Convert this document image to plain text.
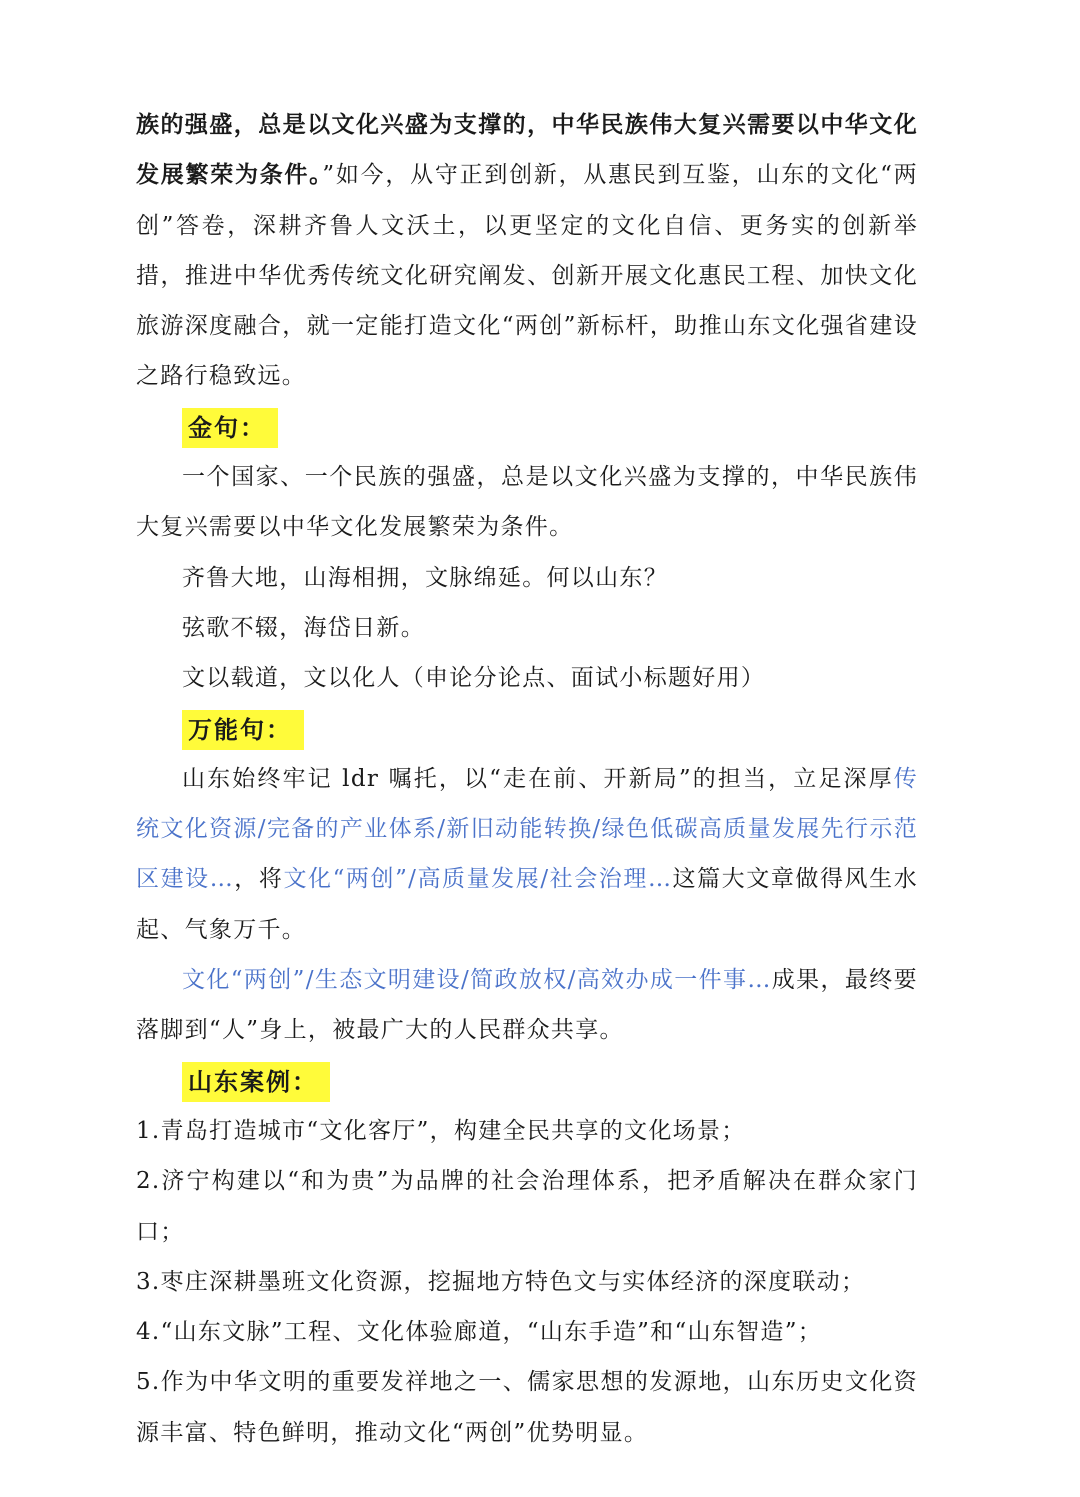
族的强盛，总是以文化兴盛为支撑的，中华民族伟大复兴需要以中华文化发展繁荣为条件。”如今，从守正到创新，从惠民到互鉴，山东的文化“两创”答卷，深耕齐鲁人文沃土，以更坚定的文化自信、更务实的创新举措，推进中华优秀传统文化研究阐发、创新开展文化惠民工程、加快文化旅游深度融合，就一定能打造文化“两创”新标杆，助推山东文化强省建设之路行稳致远。

金句：

一个国家、一个民族的强盛，总是以文化兴盛为支撑的，中华民族伟大复兴需要以中华文化发展繁荣为条件。

齐鲁大地，山海相拥，文脉绵延。何以山东？

弦歌不辍，海岱日新。

文以载道，文以化人（申论分论点、面试小标题好用）

万能句：

山东始终牢记 ldr 嘱托，以“走在前、开新局”的担当，立足深厚传统文化资源/完备的产业体系/新旧动能转换/绿色低碳高质量发展先行示范区建设…，将文化“两创”/高质量发展/社会治理…这篇大文章做得风生水起、气象万千。

文化“两创”/生态文明建设/简政放权/高效办成一件事…成果，最终要落脚到“人”身上，被最广大的人民群众共享。

山东案例：

1.青岛打造城市“文化客厅”，构建全民共享的文化场景；

2.济宁构建以“和为贵”为品牌的社会治理体系，把矛盾解决在群众家门口；

3.枣庄深耕墨班文化资源，挖掘地方特色文与实体经济的深度联动；

4.“山东文脉”工程、文化体验廊道，“山东手造”和“山东智造”；

5.作为中华文明的重要发祥地之一、儒家思想的发源地，山东历史文化资源丰富、特色鲜明，推动文化“两创”优势明显。
